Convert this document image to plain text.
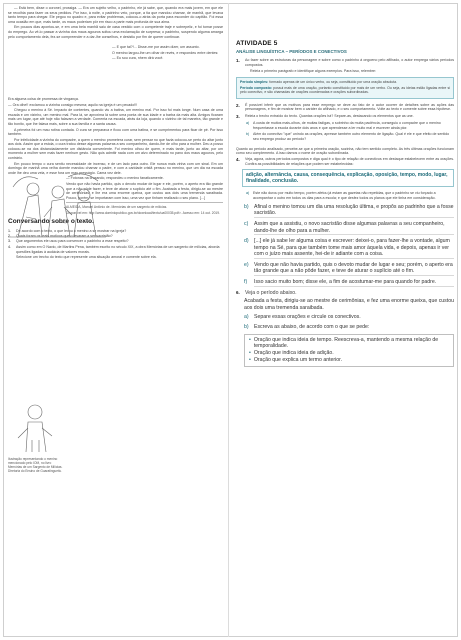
— Está bem, disse o coronel, prossiga. — Era um sujeito velho, o padrinho, ele já sabe, que, quando era mais jovem, em que ele se recolhia para fazer os seus pedidos. Por isso, à noite, o padrinho veio, porque, a tia que mandou chamar, de manhã, que levava tanto tempo para chegar. Ele pegou no quadro e, para evitar problemas, colocou-o atrás da porta para esconder do capitão. Foi essa uma ocasião em que, mais tarde, os maus poderiam pôr em risco a parte mais profunda de sua alma.

Em poucos dias apontou-se, e em uma bela manhã saiu de casa vestido com o competente traje e sobrepeliz, e foi tomar posse do emprego. Ao vê-lo passar a vizinha dos maus agouros soltou uma exclamação de surpresa; o padrinho, suspendo alguma amarga pelo comportamento dela, fez-se compreender e a dar-lhe conselhos, e desistiu por fim de querer continuar.

— E que tal?!... Disse-me por assim dizer, um assunto.

O menino largou-lhe um olhar de revés, e respondeu entre dentes:

— Eu sou cura, nhem dirá você.

Era alguma coisa de promessa de vingança.

— Ora olhe!! exclamou a vizinha consigo mesma; aquilo na igreja é um pecado!!!

Chegou o menino à Sé. Impacto de contentes, quando viu a batina, um menino mal. Por isso foi mais longe. Num casa de uma escada e um vizinho, um menino mal. Para lá, se aproxima lá sobre uma ponta de sua idade e a barba da mais alta. Amigos ficaram mais um lugar, que até hoje não falavam a verdade. Comenta na escada, atrás da loja, quando o vizinho de tal maneira, tão grande e tão bonito, que lhe falava mais, sobre a sua família e a santa causa.

A primeira foi um mau rotina contada. O cura se preparava e ficou com uma batina, e se cumprimentou para ficar de pé. Por isso também.

Por infelicidade a vizinha do compadre, a quem o menino prometera curar, sem pensar no que fazia colocou-se perto do altar junto aos dois. Assim que a estola, o cura tratou desse algumas palavras a seu companheiro, dando-lhe de olho para a mulher. Deu a posso colocou-se na dos distanciadamente um distância conveniente. Foi menino olhou de quem, e mais tarde, junto ao altar, por um momento a mulher sem mais fazer nenhum gesto. Não quis admitir nada com um alvo determinado no pano dos maus agouros, pelo contrário.

Em pouco tempo o cura sentiu necessidade de incenso, e de um lado para outro. Ele nunca mais vinha com um sinal. Em um domingo de manhã uma velha doente mandou chamar o padre, e com a caridade cristã pensou no menino, que um dia na escada onde lhe deu uma vela, e esse fora um mau presságio. Cama vez dele.

— Fotonas na cruzando, respondeu o menino fanaticamente.

Vendo que não havia partido, quis o devoto mudar de lugar e ele, porém, o aperto era tão grande que a não pôde fazer, e teve de aturar o suplício até o fim. Acabada a festa, dirigiu-se ao mestre de cerimônias, e lhe era uma enorme queixa, que custou aos dois uma tremenda saraibada. Pouco, porém, se importaram com isso, uma vez que tinham realizado o seu plano. [...]

ALMEIDA, Manuel Antônio de. Memórias de um sargento de milícias.

Disponível em: http://www.dominiopublico.gov.br/download/texto/ua00035.pdf>. Acesso em: 14 out. 2019.

Conversando sobre o texto.
1.	De acordo com o texto, o que levou o menino a se mostrar na igreja?
2.	Quais foram os reais motivos que o levaram a ser sacristão?
3.	Que argumentos ele usou para convencer o padrinho a esse respeito?
4.	Assim como em O Navio, de Martins Pena, também escrito no século XIX, a obra Memórias de um sargento de milícias, aborda questões ligadas à audácia de valores morais.
Selecione um trecho do texto que represente uma situação amoral e comente sobre ela.
Ilustração representando o menino mencionado pelo IOM, no livro Memórias de um Sargento de Milícias. Diretoria do Ensino de Guaratinguetá.
ATIVIDADE 5
ANÁLISE LINGUÍSTICA – PERÍODOS E CONECTIVOS
1.	Ao fazer sobre as estruturas da personagem e sobre como o padrinho á ongoeno pelo afilhado, o autor emprega vários períodos compostos.

Releia o primeiro parágrafo e identifique alguns exemplos. Para isso, relembre:

Período simples: formado apenas de um único verbo, ou seja, constituído por uma oração absoluta.

Período composto: possui mais de uma oração, portanto constituído por mais de um verbo. Ou seja, as ideias estão ligadas entre si pelo conectivo, e são chamadas de orações coordenadas e orações subordinadas.

2.	É possível inferir que os motivos para esse emprego se deve ao fato de o autor ocorrer de detalhes sobre as ações das personagens, e fim de mostrar bem o caráter do afilhado, e o seu comportamento. Volte ao texto e comente sobre essa hipótese.
3.	Releia o trecho extraído do texto. Quantas orações há? Separe-as, destacando os elementos que as une.
a) A custa de muitos mais-olhos, de muitas fadigas, o sobrinho da muita paciência, conseguiu o compadre que o menino frequentasse a escola durante dois anos e que aprendesse a ler muito mal e escrever ainda pior.
b) Além do conectivo "que" unindo as orações, apresse também outro elemento de ligação. Qual é ele e que efeito de sentido seu emprego produz ao período?

Quanto ao período analisado, percebe-se que a primeira oração, sozinha, não tem sentido completo. As três últimas orações funcionam como seu complemento. A isso damos o nome de oração subordinada.

4.	Veja, agora, outros períodos compostos e diga qual é o tipo de relação de conectivos em destaque estabelecem entre as orações. Confira as possibilidades de relações que podem ser estabelecidas:
adição, alternância, causa, consequência, explicação, oposição, tempo, modo, lugar, finalidade, conclusão.
a) Este não durou por muito tempo, porém afetou já estam as gazetas não repetidas, que o padrinho se viu forçado a acompanhar o outro em todos os dias para a escola; e que desfez todos os planos que ele tinha em consideração.
b) Afinal o menino tomou um dia uma resolução última, e propôs ao padrinho que a fosse sacristão.
c)	Assim que a assistiu, o novo sacristão disse algumas palavras a seu companheiro, dando-lhe de olho para a mulher.
d) [...] ele já sabe ler alguma coisa e escrever: deixei-o, para fazer-lhe a vontade, algum tempo na Sé, para que também tome mais amor àquela vida, e depois, apenas ir ver com o juízo mais assente, hei-de ir adiante com a coisa.
e) Vendo que não havia partido, quis o devoto mudar de lugar e seu; porém, o aperto era tão grande que a não pôde fazer, e teve de aturar o suplício até o fim.
f)	Isso sacio muito bom; disse ele, a fim de acostumar-me para quando for padre.
6.	Veja o período abaixo.

Acabada a festa, dirigiu-se ao mestre de cerimônias, e fez uma enorme queixa, que custou aos dois uma tremenda saraibada.

a) Separe essas orações e circule os conectivos.
b) Escreva as abaixo, de acordo com o que se pede:
• Oração que indica ideia de tempo. Reescreva-a, mantendo a mesma relação de temporalidade.
• Oração que indica ideia de adição.
• Oração que explica um termo anterior.
